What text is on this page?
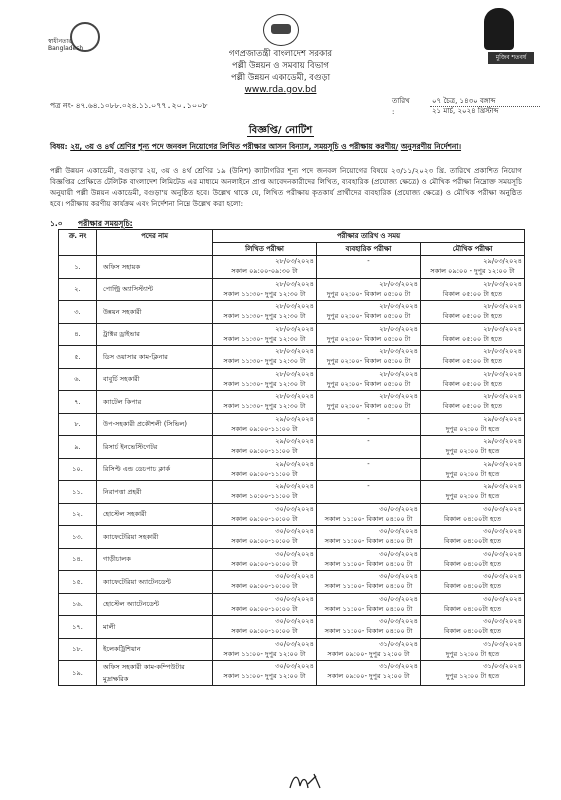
স্বাধীনতার
Bangladesh
মুজিব শতবর্ষ
গণপ্রজাতন্ত্রী বাংলাদেশ সরকার
পল্লী উন্নয়ন ও সমবায় বিভাগ
পল্লী উন্নয়ন একাডেমী, বগুড়া
www.rda.gov.bd
পত্র নং- ৪৭.৬৪.১০৮৮.০২৪.১১.০৭৭.২০.১০০৮	তারিখ :
০৭ চৈত্র, ১৪৩০ বঙ্গাব্দ
২১ মার্চ, ২০২৪ খ্রিস্টাব্দ
বিজ্ঞপ্তি/ নোটিশ
বিষয়: ২য়, ৩য় ও ৪র্থ শ্রেণির শূন্য পদে জনবল নিয়োগের লিখিত পরীক্ষার আসন বিন্যাস, সময়সূচি ও পরীক্ষায় করণীয়/ অনুসরণীয় নির্দেশনা।
পল্লী উন্নয়ন একাডেমী, বগুড়া'র ২য়, ৩য় ও ৪র্থ শ্রেণির ১৯ (উনিশ) ক্যাটাগরির শূন্য পদে জনবল নিয়োগের বিষয়ে ২৩/১১/২০২৩ খ্রি. তারিখে প্রকাশিত নিয়োগ বিজ্ঞপ্তির প্রেক্ষিতে টেলিটক বাংলাদেশ লিমিটেড এর মাধ্যমে অনলাইনে প্রাপ্ত আবেদনকারীদের লিখিত, ব্যবহারিক (প্রযোজ্য ক্ষেত্রে) ও মৌখিক পরীক্ষা নিম্নোক্ত সময়সূচি অনুযায়ী পল্লী উন্নয়ন একাডেমী, বগুড়া'য় অনুষ্ঠিত হবে। উল্লেখ থাকে যে, লিখিত পরীক্ষায় কৃতকার্য প্রার্থীদের ব্যবহারিক (প্রযোজ্য ক্ষেত্রে) ও মৌখিক পরীক্ষা অনুষ্ঠিত হবে। পরীক্ষায় করণীয় কার্যক্রম এবং নির্দেশনা নিম্নে উল্লেখ করা হলো:
১.০ পরীক্ষার সময়সূচি:
ক্র. নং	পদের নাম	পরীক্ষার তারিখ ও সময়		
		লিখিত পরীক্ষা	ব্যবহারিক পরীক্ষা	মৌখিক পরীক্ষা
১.	অফিস সহায়ক	২৮/০৩/২০২৪
সকাল ০৯:০০-০৯:৩০ টা	-	২৯/০৩/২০২৪
সকাল ০৯:০০ - দুপুর ১২:০০ টা

২.	পোল্ট্রি অ্যাসিস্ট্যান্ট	২৮/০৩/২০২৪
সকাল ১১:৩০- দুপুর ১২:৩০ টা	২৮/০৩/২০২৪
দুপুর ০২:০০- বিকাল ০৫:০০ টা	২৮/০৩/২০২৪
বিকাল ০৫:০০ টা হতে

৩.	উন্নয়ন সহকারী	২৮/০৩/২০২৪
সকাল ১১:৩০- দুপুর ১২:৩০ টা	২৮/০৩/২০২৪
দুপুর ০২:০০- বিকাল ০৫:০০ টা	২৮/০৩/২০২৪
বিকাল ০৫:০০ টা হতে

৪.	ট্রাক্টর ড্রাইভার	২৮/০৩/২০২৪
সকাল ১১:৩০- দুপুর ১২:৩০ টা	২৮/০৩/২০২৪
দুপুর ০২:০০- বিকাল ০৫:০০ টা	২৮/০৩/২০২৪
বিকাল ০৫:০০ টা হতে

৫.	ডিস ওয়াসার কাম-ক্লিনার	২৮/০৩/২০২৪
সকাল ১১:৩০- দুপুর ১২:৩০ টা	২৮/০৩/২০২৪
দুপুর ০২:০০- বিকাল ০৫:০০ টা	২৮/০৩/২০২৪
বিকাল ০৫:০০ টা হতে

৬.	বাবুর্চি সহকারী	২৮/০৩/২০২৪
সকাল ১১:৩০- দুপুর ১২:৩০ টা	২৮/০৩/২০২৪
দুপুর ০২:০০- বিকাল ০৫:০০ টা	২৮/০৩/২০২৪
বিকাল ০৫:০০ টা হতে

৭.	ক্যাটেল কিপার	২৮/০৩/২০২৪
সকাল ১১:৩০- দুপুর ১২:৩০ টা	২৮/০৩/২০২৪
দুপুর ০২:০০- বিকাল ০৫:০০ টা	২৮/০৩/২০২৪
বিকাল ০৫:০০ টা হতে

৮.	উপ-সহকারী প্রকৌশলী (সিভিল)	২৯/০৩/২০২৪
সকাল ০৯:০০-১১:০০ টা	-	২৯/০৩/২০২৪
দুপুর ০২:০০ টা হতে

৯.	রিসার্চ ইনভেস্টিগেটর	২৯/০৩/২০২৪
সকাল ০৯:০০-১১:০০ টা	-	২৯/০৩/২০২৪
দুপুর ০২:০০ টা হতে

১০.	রিসিপ্ট এন্ড ডেচপাচ ক্লার্ক	২৯/০৩/২০২৪
সকাল ০৯:০০-১১:০০ টা	-	২৯/০৩/২০২৪
দুপুর ০২:০০ টা হতে

১১.	নিরাপত্তা প্রহরী	২৯/০৩/২০২৪
সকাল ১০:০০-১১:০০ টা	-	২৯/০৩/২০২৪
দুপুর ০২:০০ টা হতে

১২.	হোস্টেল সহকারী	৩০/০৩/২০২৪
সকাল ০৯:০০-১০:০০ টা	৩০/০৩/২০২৪
সকাল ১১:০০- বিকাল ০৪:০০ টা	৩০/০৩/২০২৪
বিকাল ০৪:০০টা হতে

১৩.	ক্যাফেটেরিয়া সহকারী	৩০/০৩/২০২৪
সকাল ০৯:০০-১০:০০ টা	৩০/০৩/২০২৪
সকাল ১১:০০- বিকাল ০৪:০০ টা	৩০/০৩/২০২৪
বিকাল ০৪:০০টা হতে

১৪.	গাড়ীচালক	৩০/০৩/২০২৪
সকাল ০৯:০০-১০:০০ টা	৩০/০৩/২০২৪
সকাল ১১:০০- বিকাল ০৪:০০ টা	৩০/০৩/২০২৪
বিকাল ০৪:০০টা হতে

১৫.	ক্যাফেটেরিয়া অ্যাটেনডেন্ট	৩০/০৩/২০২৪
সকাল ০৯:০০-১০:০০ টা	৩০/০৩/২০২৪
সকাল ১১:০০- বিকাল ০৪:০০ টা	৩০/০৩/২০২৪
বিকাল ০৪:০০টা হতে

১৬.	হোস্টেল অ্যাটেনডেন্ট	৩০/০৩/২০২৪
সকাল ০৯:০০-১০:০০ টা	৩০/০৩/২০২৪
সকাল ১১:০০- বিকাল ০৪:০০ টা	৩০/০৩/২০২৪
বিকাল ০৪:০০টা হতে

১৭.	মালী	৩০/০৩/২০২৪
সকাল ০৯:০০-১০:০০ টা	৩০/০৩/২০২৪
সকাল ১১:০০- বিকাল ০৪:০০ টা	৩০/০৩/২০২৪
বিকাল ০৪:০০টা হতে

১৮.	ইলেকট্রিশিয়ান	৩০/০৩/২০২৪
সকাল ১১:০০- দুপুর ১২:০০ টা	৩১/০৩/২০২৪
সকাল ০৯:০০- দুপুর ১২:০০ টা	৩১/০৩/২০২৪
দুপুর ১২:০০ টা হতে

১৯.	অফিস সহকারী কাম-কম্পিউটার মুদ্রাক্ষরিক	৩০/০৩/২০২৪
সকাল ১১:০০- দুপুর ১২:০০ টা	৩১/০৩/২০২৪
সকাল ০৯:০০- দুপুর ১২:০০ টা	৩১/০৩/২০২৪
দুপুর ১২:০০ টা হতে
